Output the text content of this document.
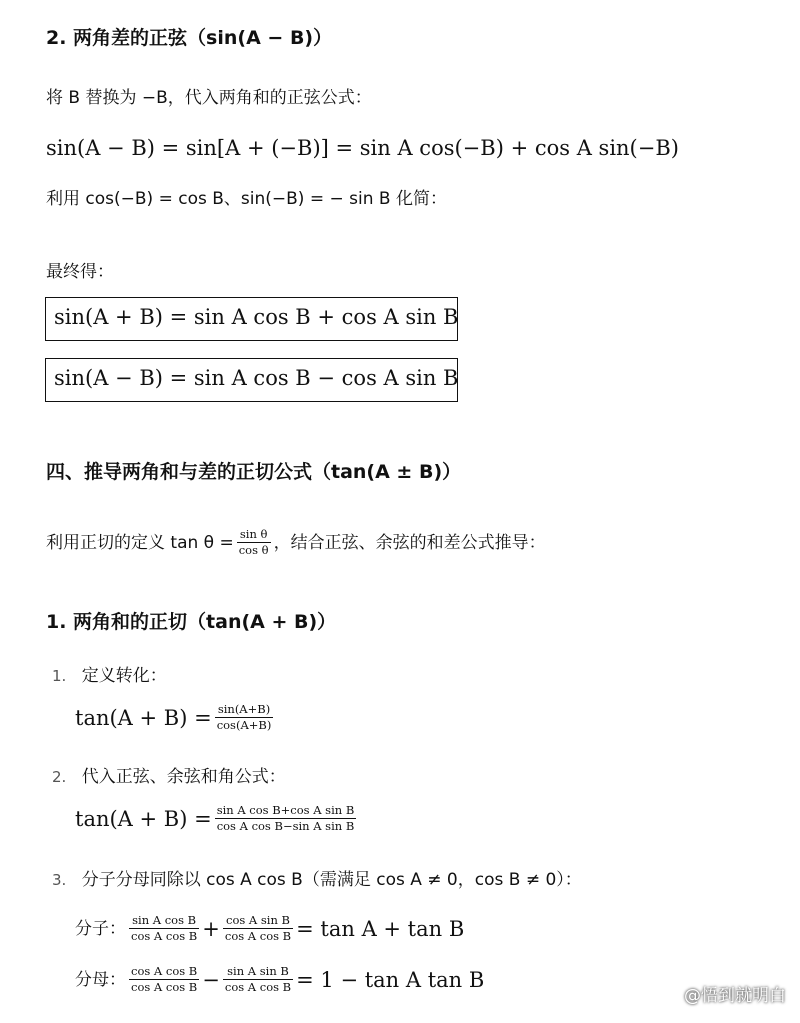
2. 两角差的正弦（sin(A − B)）
将 B 替换为 −B，代入两角和的正弦公式：
sin(A − B) = sin[A + (−B)] = sin A cos(−B) + cos A sin(−B)
利用 cos(−B) = cos B、sin(−B) = − sin B 化简：
最终得：
sin(A + B) = sin A cos B + cos A sin B
sin(A − B) = sin A cos B − cos A sin B
四、推导两角和与差的正切公式（tan(A ± B)）
利用正切的定义 $\tan \theta = \frac{\text{sin θ}}{\text{cos θ}}$ ，结合正弦、余弦的和差公式推导：
1. 两角和的正切（tan(A + B)）
1. 定义转化：
$\tan(A + B) = \frac{\sin(A+B)}{\cos(A+B)}$
2. 代入正弦、余弦和角公式：
$\tan(A + B) = \frac{\text{sin A cos B+cos A sin B}}{\text{cos A cos B−sin A sin B}}$
3. 分子分母同除以 cos A cos B（需满足 cos A ≠ 0，cos B ≠ 0）：
分子： $\frac{\text{sin A cos B}}{\text{cos A cos B}} + \frac{\text{cos A sin B}}{\text{cos A cos B}} = \tan A + \tan B$
分母： $\frac{\text{cos A cos B}}{\text{cos A cos B}} - \frac{\text{sin A sin B}}{\text{cos A cos B}} = 1 - \tan A$ tan B
@悟到就明白
